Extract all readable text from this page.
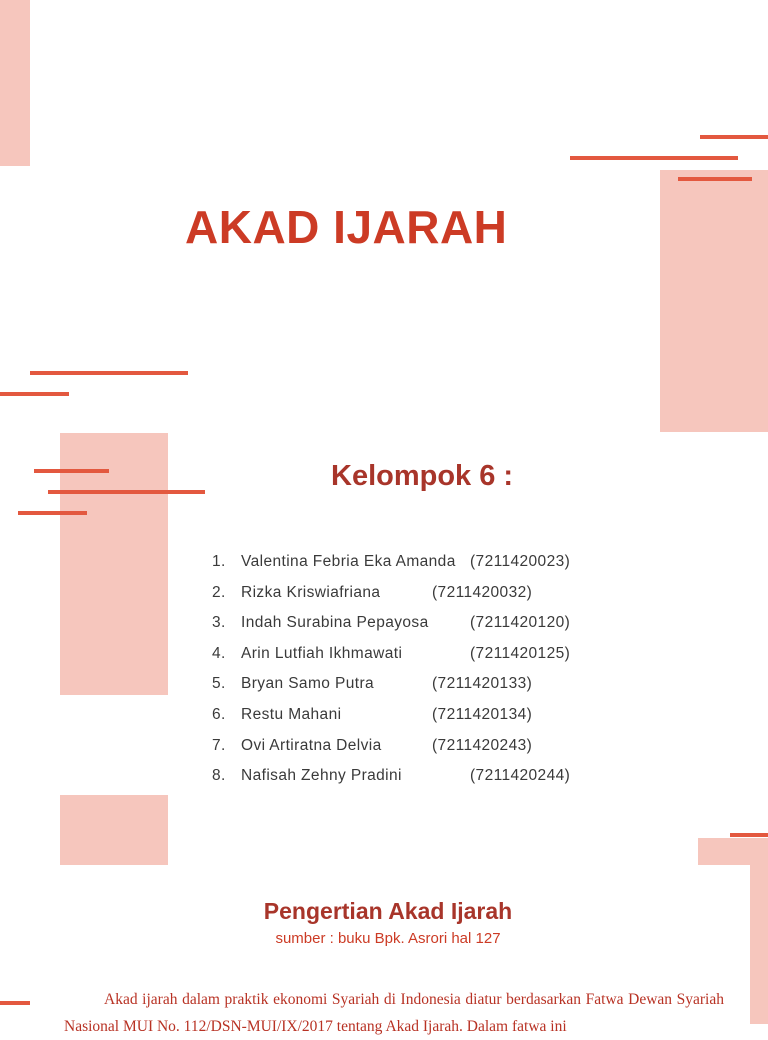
AKAD IJARAH
Kelompok 6 :
1. Valentina Febria Eka Amanda (7211420023)
2. Rizka Kriswiafriana	(7211420032)
3. Indah Surabina Pepayosa	(7211420120)
4. Arin Lutfiah Ikhmawati	(7211420125)
5. Bryan Samo Putra	(7211420133)
6. Restu Mahani	(7211420134)
7. Ovi Artiratna Delvia	(7211420243)
8. Nafisah Zehny Pradini	(7211420244)
Pengertian Akad Ijarah
sumber : buku Bpk. Asrori hal 127

Akad ijarah dalam praktik ekonomi Syariah di Indonesia diatur berdasarkan Fatwa Dewan Syariah Nasional MUI No. 112/DSN-MUI/IX/2017 tentang Akad Ijarah. Dalam fatwa ini
